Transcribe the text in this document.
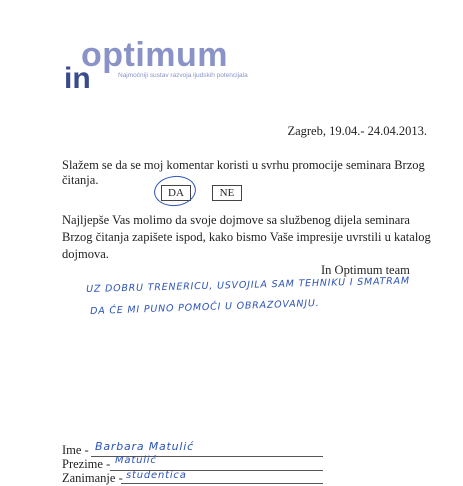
optimum
in	Najmoćniji sustav razvoja ljudskih potencijala
Zagreb, 19.04.- 24.04.2013.
Slažem se da se moj komentar koristi u svrhu promocije seminara Brzog čitanja.
DA	NE
Najljepše Vas molimo da svoje dojmove sa službenog dijela seminara Brzog čitanja zapišete ispod, kako bismo Vaše impresije uvrstili u katalog dojmova.
In Optimum team
UZ DOBRU TRENERICU, USVOJILA SAM TEHNIKU I SMATRAM
DA ĆE MI PUNO POMOĆI U OBRAZOVANJU.
Ime - Barbara Matulić
Prezime - Matulić
Zanimanje - studentica
